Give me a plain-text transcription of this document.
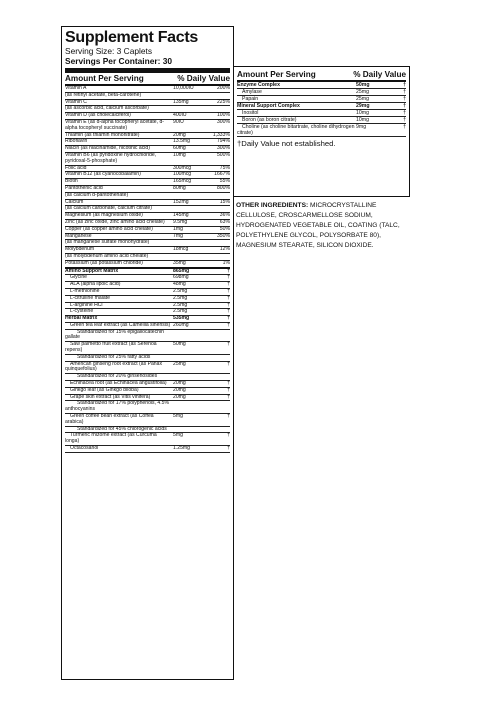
Supplement Facts
Serving Size: 3 Caplets
Servings Per Container: 30
Amount Per Serving	% Daily Value
Vitamin A	10,000IU	200%
(as retinyl acetate, beta-carotene)
Vitamin C	135mg	225%
(as ascorbic acid, calcium ascorbate)
Vitamin D (as cholecalciferol)	400IU	100%
Vitamin E (as d-alpha tocopheryl acetate, d-alpha tocopheryl succinate)
90IU	300%
Thiamin (as thiamin mononitrate)	20mg	1,333%
Riboflavin	13.5mg	794%
Niacin (as niacinamide, nicotinic acid)	60mg	300%
Vitamin B6 (as pyridoxine hydrochloride, pyridoxal-5-phosphate)
10mg	500%
Folic acid	300mcg	75%
Vitamin B12 (as cyanocobalamin)	100mcg	1667%
Biotin	165mcg	55%
Pantothenic acid	80mg	800%
(as calcium d-pantothenate)
Calcium	152mg	15%
(as calcium carbonate, calcium citrate)
Magnesium (as magnesium oxide)	145mg	36%
Zinc (as zinc oxide, zinc amino acid chelate)	9.5mg	63%
Copper (as copper amino acid chelate)	1mg	50%
Manganese	7mg	350%
(as manganese sulfate monohydrate)
Molybdenum	18mcg	12%
(as molybdenum amino acid chelate)
Potassium (as potassium chloride)	35mg	1%
Amino Support Matrix	865mg	†
Glycine	698mg	†
ALA (alpha lipoic acid)	48mg	†
L-methionine	2.5mg	†
L-citrulline malate	2.5mg	†
L-arginine HCl	2.5mg	†
L-cysteine	2.5mg	†
Herbal Matrix	535mg	†
Green tea leaf extract (as Camellia sinensis) 260mg	†
Standardized for 15% epigallocatechin gallate
Saw palmetto fruit extract (as Serenoa repens)
50mg	†
Standardized for 25% fatty acids
American ginseng root extract (as Panax quinquefolius)
25mg	†
Standardized for 20% ginsenosides
Echinacea root (as Echinacea angustifolia)	20mg	†
Ginkgo leaf (as Ginkgo biloba)	20mg	†
Grape skin extract (as Vitis vinifera)	20mg	†
Standardized for 17% polyphenols, 4.5% anthocyanins
Green coffee bean extract (as Coffea arabica)
5mg	†
Standardized for 45% chlorogenic acids
Turmeric rhizome extract (as Curcuma longa)
5mg	†
Octacosanol	1.25mg	†
Amount Per Serving	% Daily Value
Enzyme Complex	50mg	†
Amylase	25mg	†
Papain	25mg	†
Mineral Support Complex	29mg	†
Inositol	10mg	†
Boron (as boron citrate)	10mg	†
Choline (as choline bitartrate, choline dihydrogen citrate)
9mg	†
†Daily Value not established.
OTHER INGREDIENTS: MICROCRYSTALLINE CELLULOSE, CROSCARMELLOSE SODIUM, HYDROGENATED VEGETABLE OIL, COATING (TALC, POLYETHYLENE GLYCOL, POLYSORBATE 80), MAGNESIUM STEARATE, SILICON DIOXIDE.
